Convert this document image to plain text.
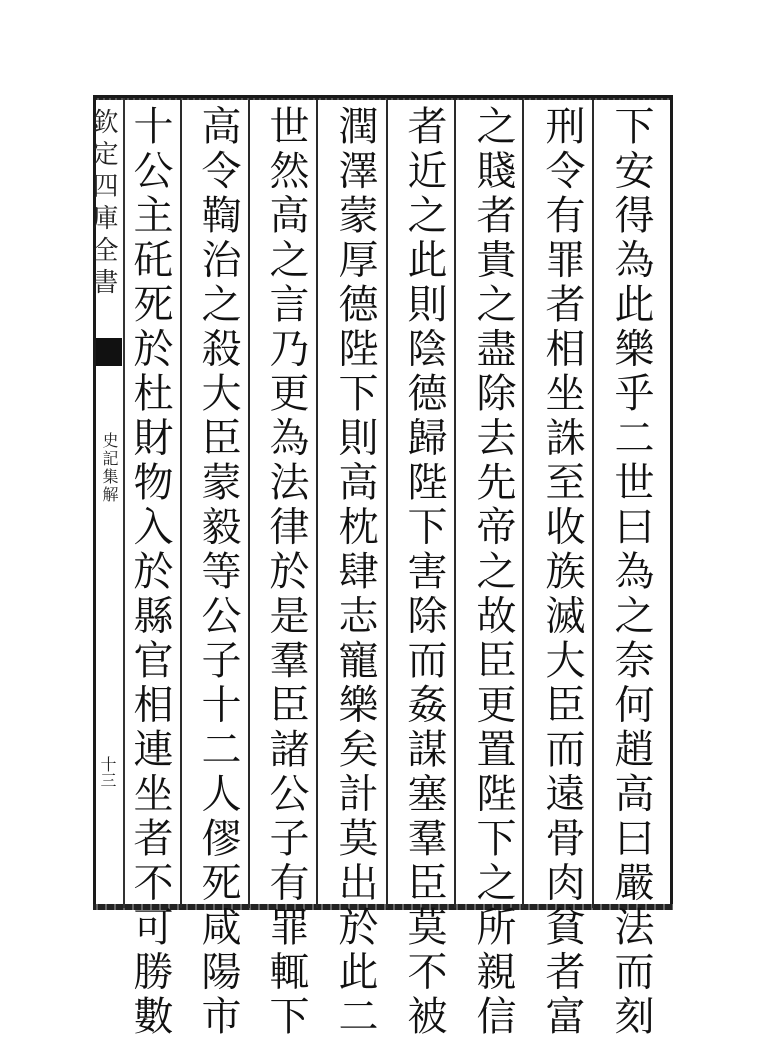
欽定四庫全書
史記集解
十三	下安得為此樂乎二世曰為之奈何趙高曰嚴法而刻
刑令有罪者相坐誅至收族滅大臣而遠骨肉貧者富
之賤者貴之盡除去先帝之故臣更置陛下之所親信
者近之此則陰德歸陛下害除而姦謀塞羣臣莫不被
潤澤蒙厚德陛下則高枕肆志寵樂矣計莫出於此二
世然高之言乃更為法律於是羣臣諸公子有罪輒下
高令鞫治之殺大臣蒙毅等公子十二人僇死咸陽市
十公主矺死於杜財物入於縣官相連坐者不可勝數
